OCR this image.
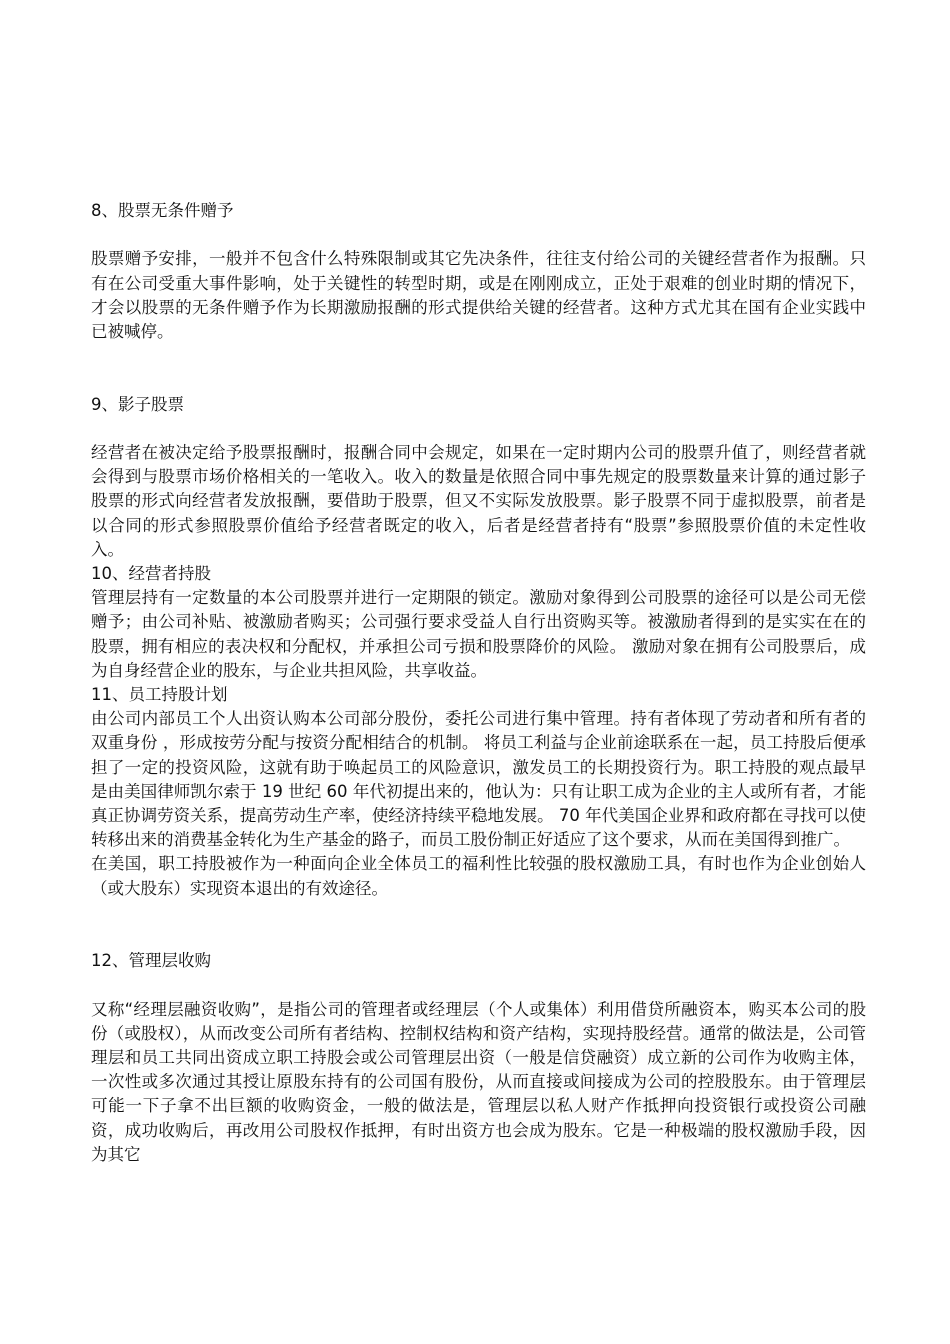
8、股票无条件赠予

股票赠予安排，一般并不包含什么特殊限制或其它先决条件，往往支付给公司的关键经营者作为报酬。只有在公司受重大事件影响，处于关键性的转型时期，或是在刚刚成立，正处于艰难的创业时期的情况下，才会以股票的无条件赠予作为长期激励报酬的形式提供给关键的经营者。这种方式尤其在国有企业实践中已被喊停。

9、影子股票

经营者在被决定给予股票报酬时，报酬合同中会规定，如果在一定时期内公司的股票升值了，则经营者就会得到与股票市场价格相关的一笔收入。收入的数量是依照合同中事先规定的股票数量来计算的通过影子股票的形式向经营者发放报酬，要借助于股票，但又不实际发放股票。影子股票不同于虚拟股票，前者是以合同的形式参照股票价值给予经营者既定的收入，后者是经营者持有“股票”参照股票价值的未定性收入。

10、经营者持股

管理层持有一定数量的本公司股票并进行一定期限的锁定。激励对象得到公司股票的途径可以是公司无偿赠予；由公司补贴、被激励者购买；公司强行要求受益人自行出资购买等。被激励者得到的是实实在在的股票，拥有相应的表决权和分配权，并承担公司亏损和股票降价的风险。 激励对象在拥有公司股票后，成为自身经营企业的股东，与企业共担风险，共享收益。

11、员工持股计划

由公司内部员工个人出资认购本公司部分股份，委托公司进行集中管理。持有者体现了劳动者和所有者的双重身份 ，形成按劳分配与按资分配相结合的机制。 将员工利益与企业前途联系在一起，员工持股后便承担了一定的投资风险，这就有助于唤起员工的风险意识，激发员工的长期投资行为。职工持股的观点最早是由美国律师凯尔索于 19 世纪 60 年代初提出来的，他认为：只有让职工成为企业的主人或所有者，才能真正协调劳资关系，提高劳动生产率，使经济持续平稳地发展。 70 年代美国企业界和政府都在寻找可以使转移出来的消费基金转化为生产基金的路子，而员工股份制正好适应了这个要求，从而在美国得到推广。

在美国，职工持股被作为一种面向企业全体员工的福利性比较强的股权激励工具，有时也作为企业创始人（或大股东）实现资本退出的有效途径。

12、管理层收购

又称“经理层融资收购”，是指公司的管理者或经理层（个人或集体）利用借贷所融资本，购买本公司的股份（或股权），从而改变公司所有者结构、控制权结构和资产结构，实现持股经营。通常的做法是，公司管理层和员工共同出资成立职工持股会或公司管理层出资（一般是信贷融资）成立新的公司作为收购主体，一次性或多次通过其授让原股东持有的公司国有股份，从而直接或间接成为公司的控股股东。由于管理层可能一下子拿不出巨额的收购资金，一般的做法是，管理层以私人财产作抵押向投资银行或投资公司融资，成功收购后，再改用公司股权作抵押，有时出资方也会成为股东。它是一种极端的股权激励手段，因为其它
